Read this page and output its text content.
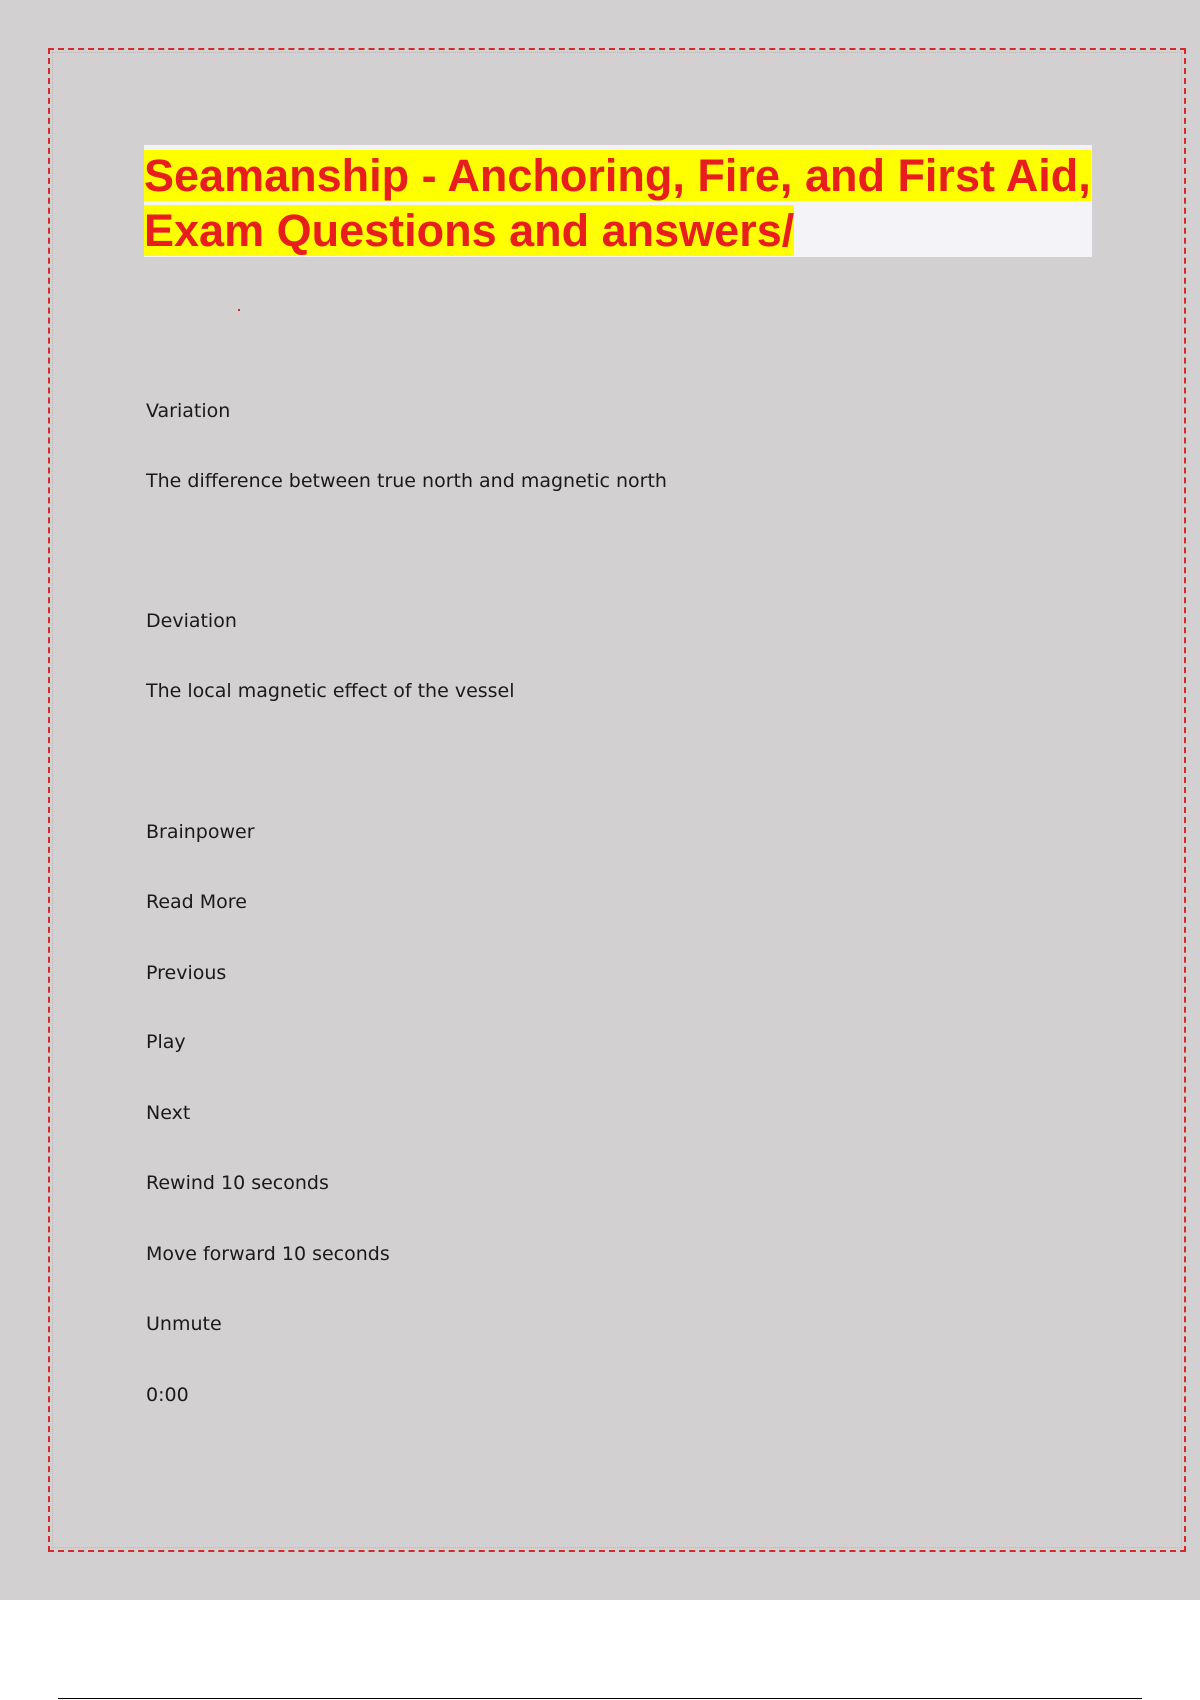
Seamanship - Anchoring, Fire, and First Aid, Exam Questions and answers/
Variation
The difference between true north and magnetic north
Deviation
The local magnetic effect of the vessel
Brainpower
Read More
Previous
Play
Next
Rewind 10 seconds
Move forward 10 seconds
Unmute
0:00
